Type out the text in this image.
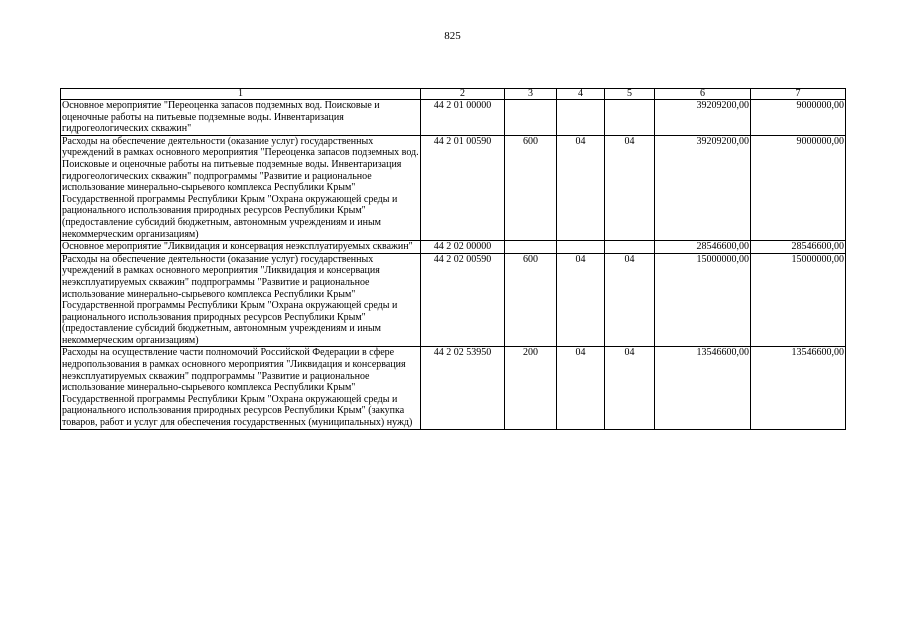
825
1	2	3	4	5	6	7
Основное мероприятие "Переоценка запасов подземных вод. Поисковые и оценочные работы на питьевые подземные воды. Инвентаризация гидрогеологических скважин"	44 2 01 00000				39209200,00	9000000,00
Расходы на обеспечение деятельности (оказание услуг) государственных учреждений в рамках основного мероприятия "Переоценка запасов подземных вод. Поисковые и оценочные работы на питьевые подземные воды. Инвентаризация гидрогеологических скважин" подпрограммы "Развитие и рациональное использование минерально-сырьевого комплекса Республики Крым" Государственной программы Республики Крым "Охрана окружающей среды и рационального использования природных ресурсов Республики Крым" (предоставление субсидий бюджетным, автономным учреждениям и иным некоммерческим организациям)	44 2 01 00590	600	04	04	39209200,00	9000000,00
Основное мероприятие "Ликвидация и консервация неэксплуатируемых скважин"	44 2 02 00000				28546600,00	28546600,00
Расходы на обеспечение деятельности (оказание услуг) государственных учреждений в рамках основного мероприятия "Ликвидация и консервация неэксплуатируемых скважин" подпрограммы "Развитие и рациональное использование минерально-сырьевого комплекса Республики Крым" Государственной программы Республики Крым "Охрана окружающей среды и рационального использования природных ресурсов Республики Крым" (предоставление субсидий бюджетным, автономным учреждениям и иным некоммерческим организациям)	44 2 02 00590	600	04	04	15000000,00	15000000,00
Расходы на осуществление части полномочий Российской Федерации в сфере недропользования в рамках основного мероприятия "Ликвидация и консервация неэксплуатируемых скважин" подпрограммы "Развитие и рациональное использование минерально-сырьевого комплекса Республики Крым" Государственной программы Республики Крым "Охрана окружающей среды и рационального использования природных ресурсов Республики Крым" (закупка товаров, работ и услуг для обеспечения государственных (муниципальных) нужд)	44 2 02 53950	200	04	04	13546600,00	13546600,00
